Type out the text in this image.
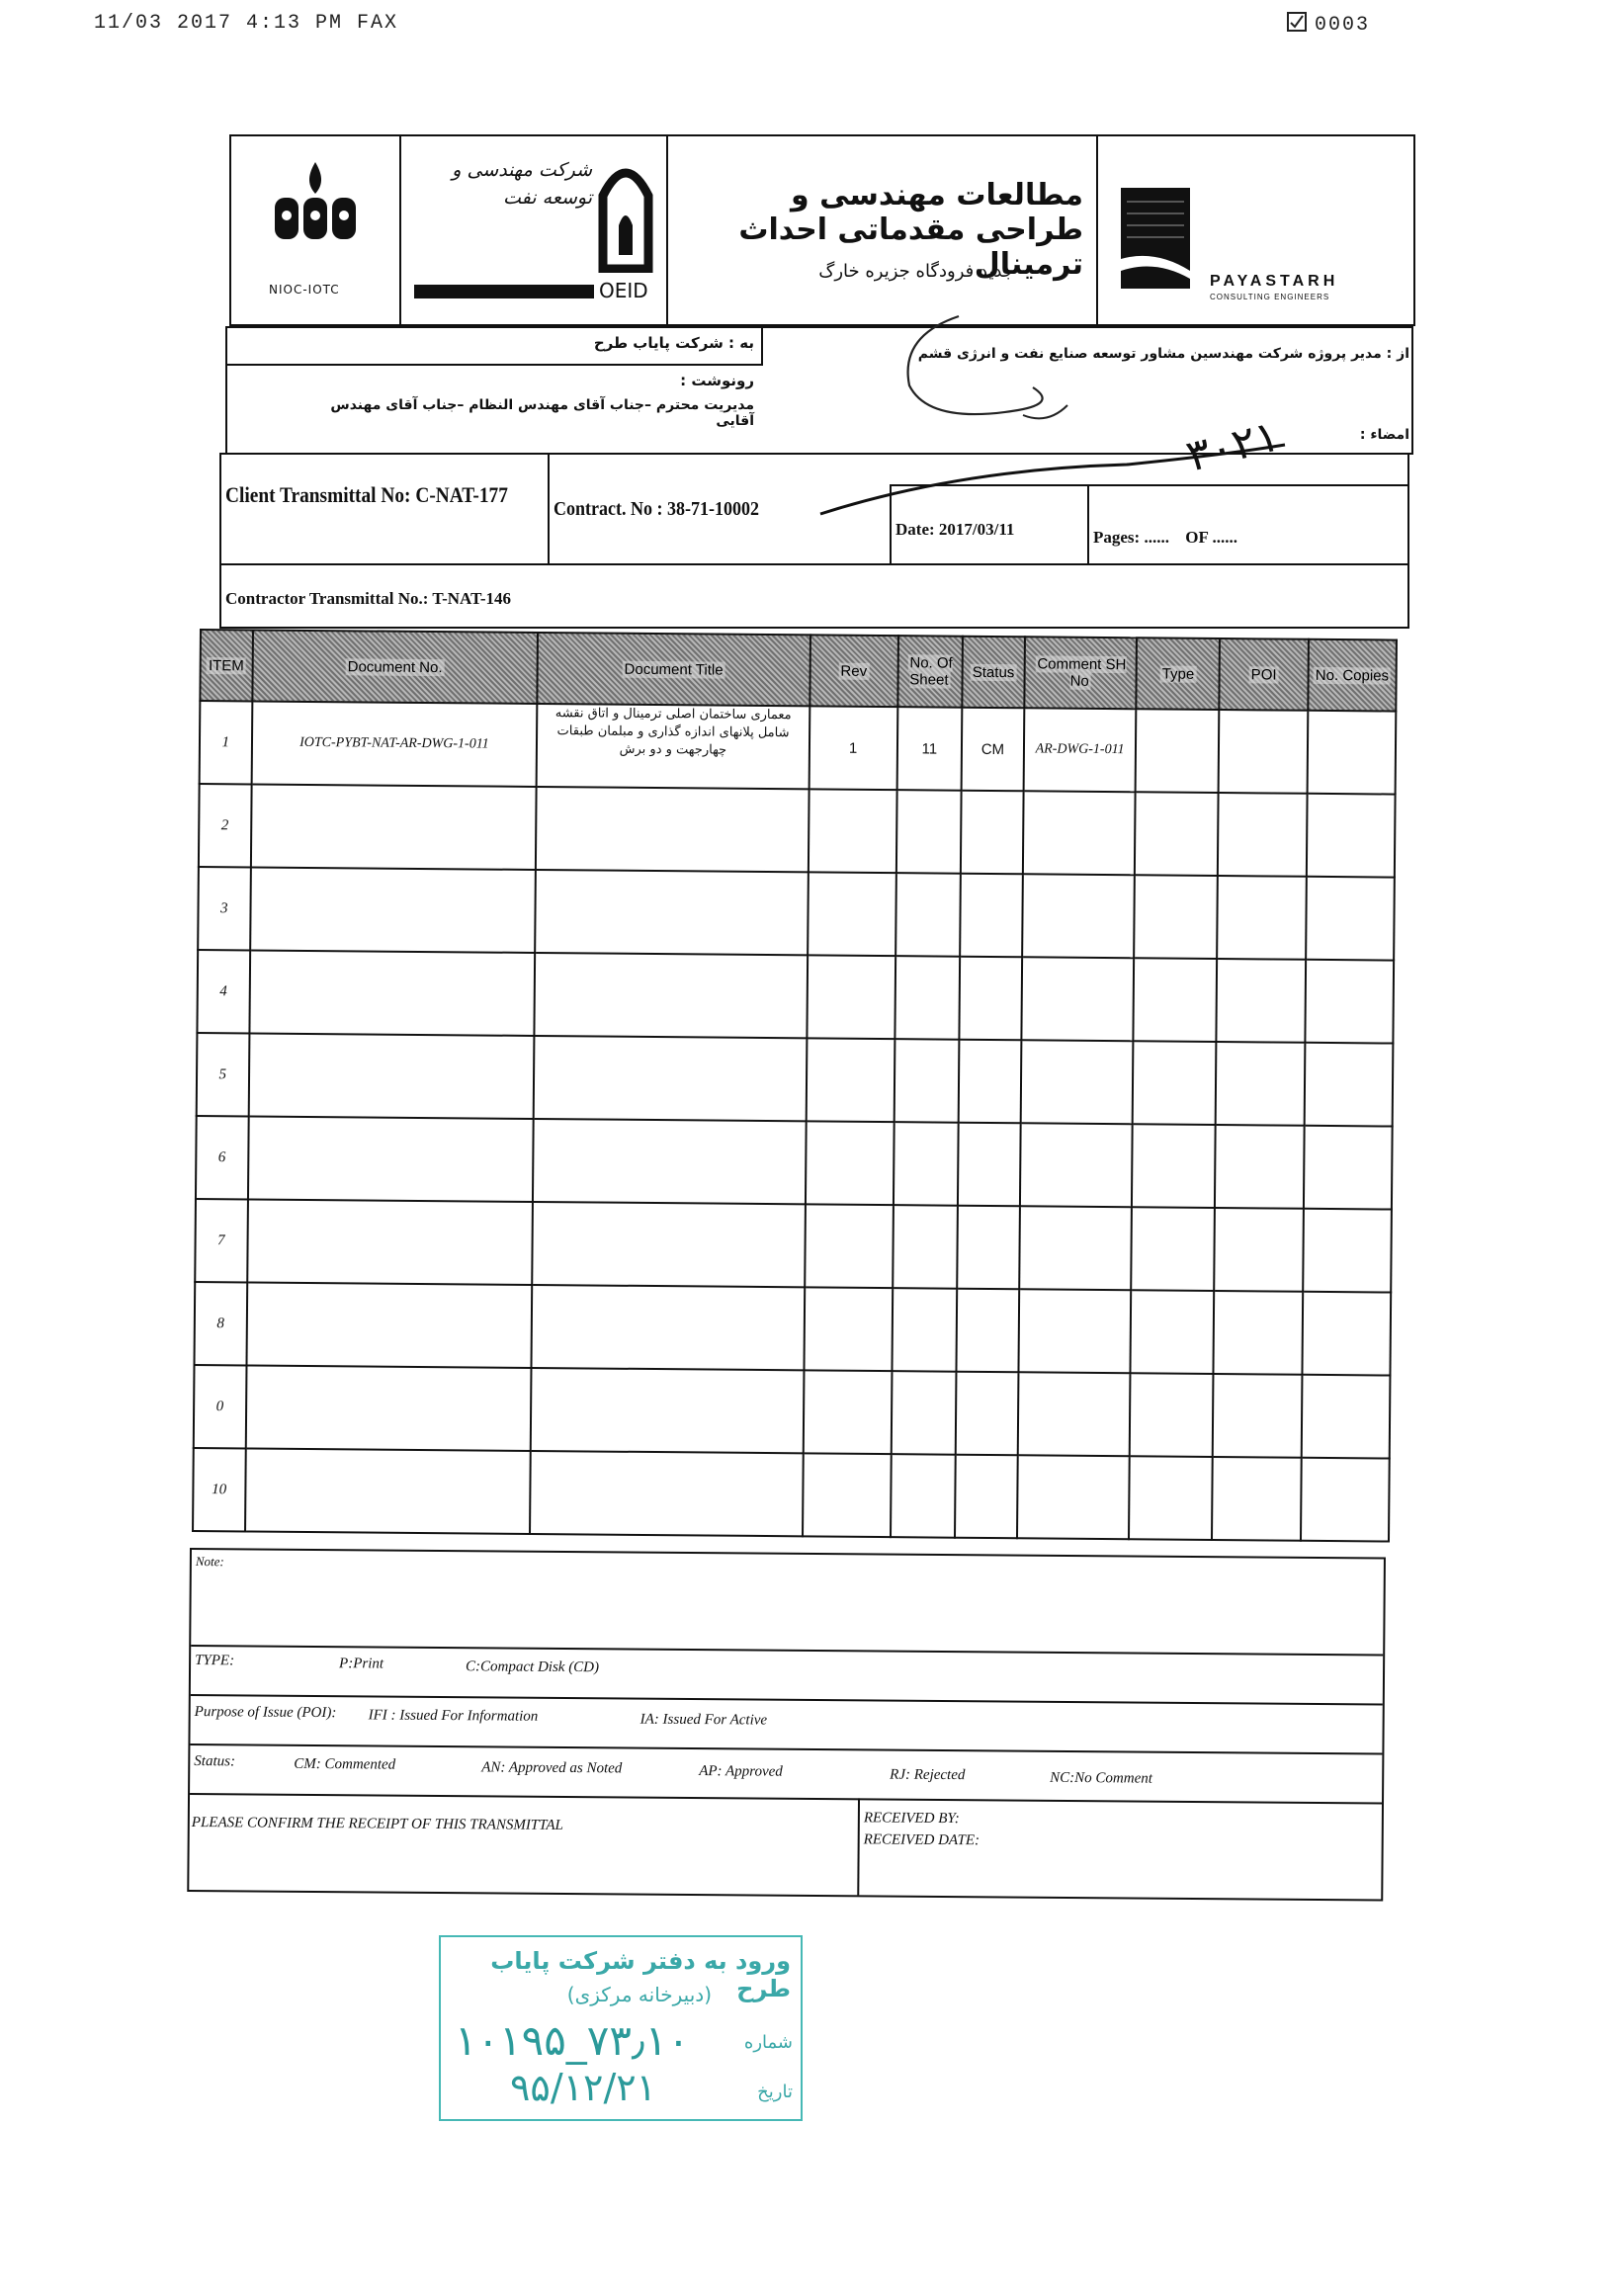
11/03 2017 4:13 PM FAX	0003
NIOC-IOTC
شرکت مهندسی و توسعه نفت
OEID
مطالعات مهندسی و طراحی مقدماتی احداث ترمینال
جدید فرودگاه جزیره خارگ	PAYASTARH
CONSULTING ENGINEERS
به : شرکت پایاب طرح
از : مدیر پروژه شرکت مهندسین مشاور توسعه صنایع نفت و انرژی قشم
رونوشت :
مدیریت محترم –جناب آقای مهندس النظام –جناب آقای مهندس آقایی
امضاء :
۳۰۲۱
Client Transmittal No: C-NAT-177
Contract. No : 38-71-10002
Date: 2017/03/11	Pages: ...... OF ......
Contractor Transmittal No.: T-NAT-146
ITEM	Document No.	Document Title	Rev	No. Of Sheet	Status	Comment SH No	Type	POI	No. Copies
1	IOTC-PYBT-NAT-AR-DWG-1-011	معماری ساختمان اصلی ترمینال و اتاق نقشه شامل پلانهای اندازه گذاری و مبلمان طبقات چهارجهت و دو برش	1	11	CM	AR-DWG-1-011			
2									
3									
4									
5									
6									
7									
8									
0									
10									
Note:
TYPE:	P:Print	C:Compact Disk (CD)
Purpose of Issue (POI): IFI : Issued For Information	IA: Issued For Active
Status:	CM: Commented	AN: Approved as Noted	AP: Approved	RJ: Rejected	NC:No Comment
PLEASE CONFIRM THE RECEIPT OF THIS TRANSMITTAL	RECEIVED BY:
RECEIVED DATE:
ورود به دفتر شرکت پایاب طرح
(دبیرخانه مرکزی)
شماره
۱۰۱۹۵_۷۳٫۱۰
تاریخ
۹۵/۱۲/۲۱
